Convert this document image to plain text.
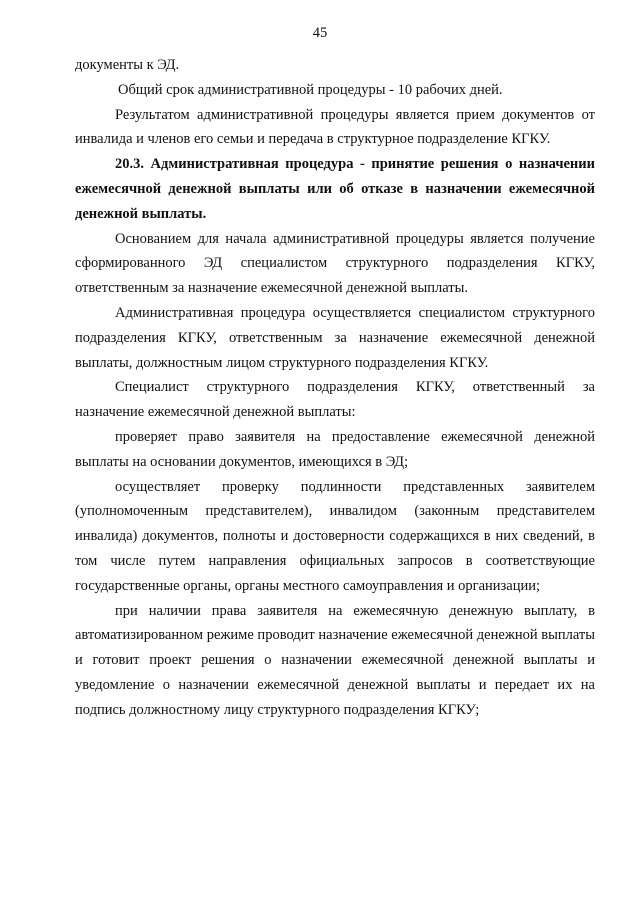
45

документы к ЭД.

Общий срок административной процедуры - 10 рабочих дней.

Результатом административной процедуры является прием документов от инвалида и членов его семьи и передача в структурное подразделение КГКУ.

20.3. Административная процедура - принятие решения о назначении ежемесячной денежной выплаты или об отказе в назначении ежемесячной денежной выплаты.

Основанием для начала административной процедуры является получение сформированного ЭД специалистом структурного подразделения КГКУ, ответственным за назначение ежемесячной денежной выплаты.

Административная процедура осуществляется специалистом структурного подразделения КГКУ, ответственным за назначение ежемесячной денежной выплаты, должностным лицом структурного подразделения КГКУ.

Специалист структурного подразделения КГКУ, ответственный за назначение ежемесячной денежной выплаты:

проверяет право заявителя на предоставление ежемесячной денежной выплаты на основании документов, имеющихся в ЭД;

осуществляет проверку подлинности представленных заявителем (уполномоченным представителем), инвалидом (законным представителем инвалида) документов, полноты и достоверности содержащихся в них сведений, в том числе путем направления официальных запросов в соответствующие государственные органы, органы местного самоуправления и организации;

при наличии права заявителя на ежемесячную денежную выплату, в автоматизированном режиме проводит назначение ежемесячной денежной выплаты и готовит проект решения о назначении ежемесячной денежной выплаты и уведомление о назначении ежемесячной денежной выплаты и передает их на подпись должностному лицу структурного подразделения КГКУ;
